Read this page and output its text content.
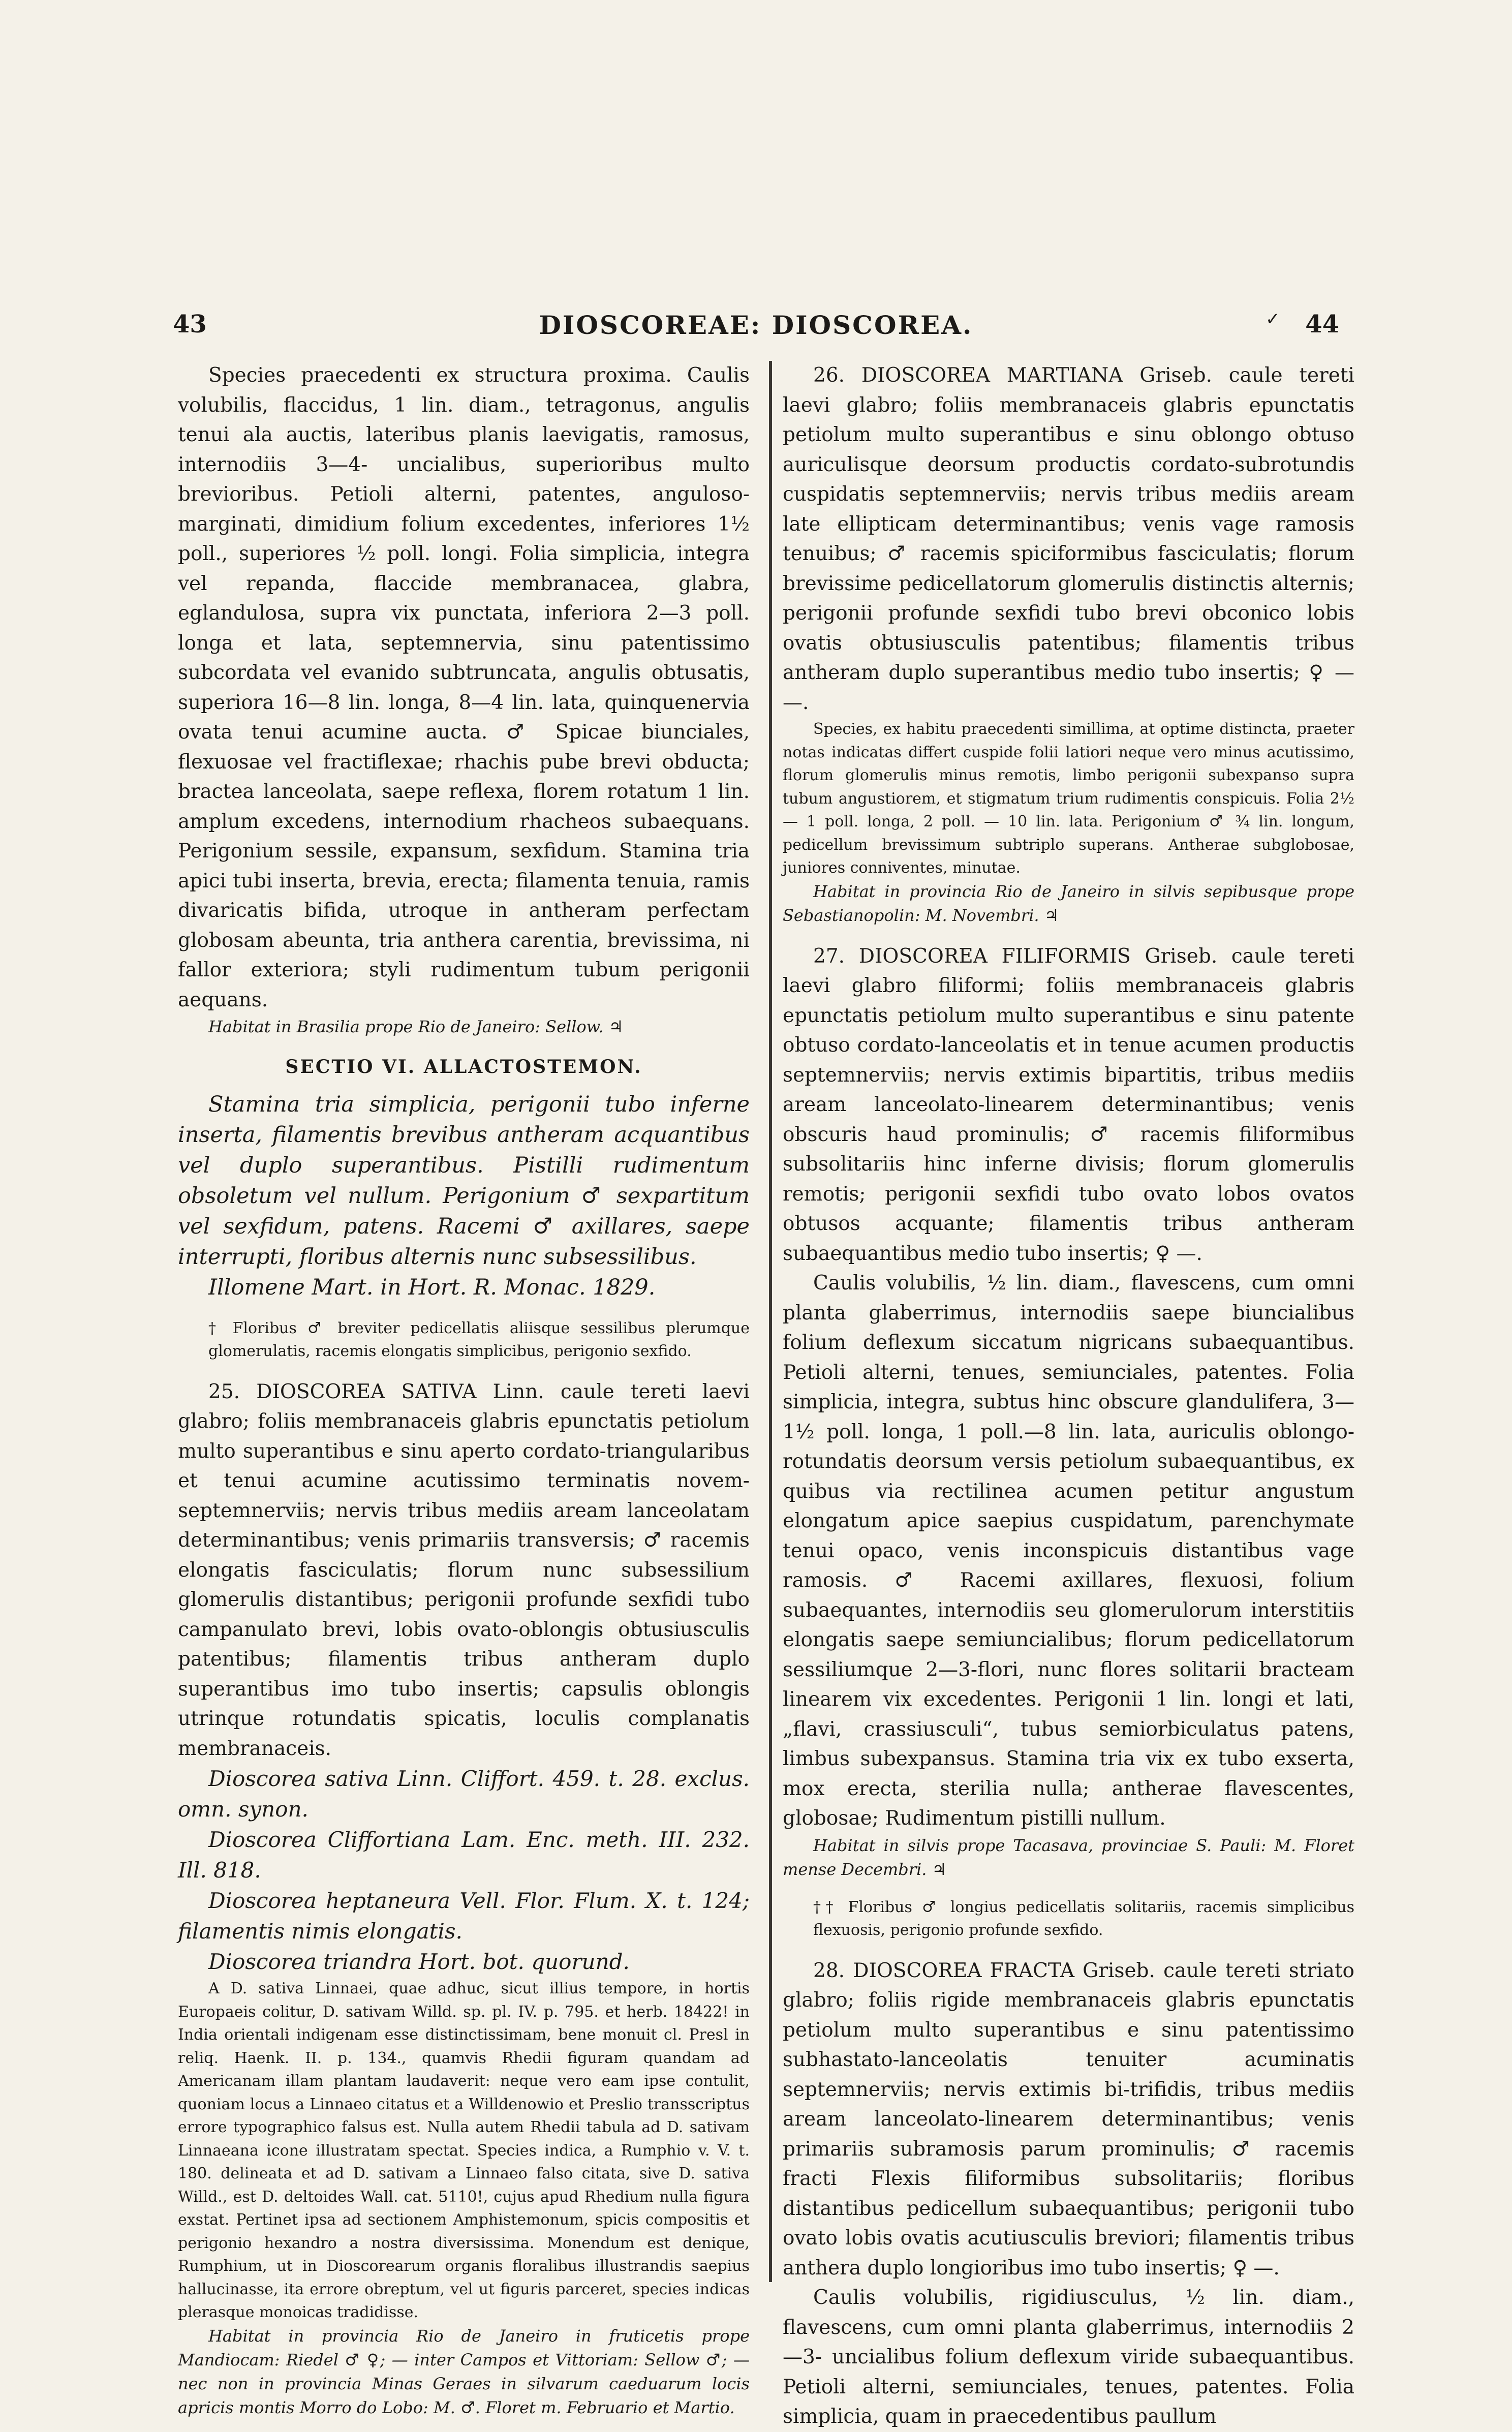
43	DIOSCOREAE: DIOSCOREA.	✓ 44

Species praecedenti ex structura proxima. Caulis volubilis, flaccidus, 1 lin. diam., tetragonus, angulis tenui ala auctis, lateribus planis laevigatis, ramosus, internodiis 3—4- uncialibus, superioribus multo brevioribus. Petioli alterni, patentes, anguloso-marginati, dimidium folium excedentes, inferiores 1½ poll., superiores ½ poll. longi. Folia simplicia, integra vel repanda, flaccide membranacea, glabra, eglandulosa, supra vix punctata, inferiora 2—3 poll. longa et lata, septemnervia, sinu patentissimo subcordata vel evanido subtruncata, angulis obtusatis, superiora 16—8 lin. longa, 8—4 lin. lata, quinquenervia ovata tenui acumine aucta. ♂ Spicae biunciales, flexuosae vel fractiflexae; rhachis pube brevi obducta; bractea lanceolata, saepe reflexa, florem rotatum 1 lin. amplum excedens, internodium rhacheos subaequans. Perigonium sessile, expansum, sexfidum. Stamina tria apici tubi inserta, brevia, erecta; filamenta tenuia, ramis divaricatis bifida, utroque in antheram perfectam globosam abeunta, tria anthera carentia, brevissima, ni fallor exteriora; styli rudimentum tubum perigonii aequans.

Habitat in Brasilia prope Rio de Janeiro: Sellow. ♃

SECTIO VI. ALLACTOSTEMON.

Stamina tria simplicia, perigonii tubo inferne inserta, filamentis brevibus antheram acquantibus vel duplo superantibus. Pistilli rudimentum obsoletum vel nullum. Perigonium ♂ sexpartitum vel sexfidum, patens. Racemi ♂ axillares, saepe interrupti, floribus alternis nunc subsessilibus.

Illomene Mart. in Hort. R. Monac. 1829.

† Floribus ♂ breviter pedicellatis aliisque sessilibus plerumque glomerulatis, racemis elongatis simplicibus, perigonio sexfido.

25. DIOSCOREA SATIVA Linn. caule tereti laevi glabro; foliis membranaceis glabris epunctatis petiolum multo superantibus e sinu aperto cordato-triangularibus et tenui acumine acutissimo terminatis novem-septemnerviis; nervis tribus mediis aream lanceolatam determinantibus; venis primariis transversis; ♂ racemis elongatis fasciculatis; florum nunc subsessilium glomerulis distantibus; perigonii profunde sexfidi tubo campanulato brevi, lobis ovato-oblongis obtusiusculis patentibus; filamentis tribus antheram duplo superantibus imo tubo insertis; capsulis oblongis utrinque rotundatis spicatis, loculis complanatis membranaceis.

Dioscorea sativa Linn. Cliffort. 459. t. 28. exclus. omn. synon.

Dioscorea Cliffortiana Lam. Enc. meth. III. 232. Ill. 818.

Dioscorea heptaneura Vell. Flor. Flum. X. t. 124; filamentis nimis elongatis.

Dioscorea triandra Hort. bot. quorund.

A D. sativa Linnaei, quae adhuc, sicut illius tempore, in hortis Europaeis colitur, D. sativam Willd. sp. pl. IV. p. 795. et herb. 18422! in India orientali indigenam esse distinctissimam, bene monuit cl. Presl in reliq. Haenk. II. p. 134., quamvis Rhedii figuram quandam ad Americanam illam plantam laudaverit: neque vero eam ipse contulit, quoniam locus a Linnaeo citatus et a Willdenowio et Preslio transscriptus errore typographico falsus est. Nulla autem Rhedii tabula ad D. sativam Linnaeana icone illustratam spectat. Species indica, a Rumphio v. V. t. 180. delineata et ad D. sativam a Linnaeo falso citata, sive D. sativa Willd., est D. deltoides Wall. cat. 5110!, cujus apud Rhedium nulla figura exstat. Pertinet ipsa ad sectionem Amphistemonum, spicis compositis et perigonio hexandro a nostra diversissima. Monendum est denique, Rumphium, ut in Dioscorearum organis floralibus illustrandis saepius hallucinasse, ita errore obreptum, vel ut figuris parceret, species indicas plerasque monoicas tradidisse.

Habitat in provincia Rio de Janeiro in fruticetis prope Mandiocam: Riedel ♂ ♀; — inter Campos et Vittoriam: Sellow ♂; — nec non in provincia Minas Geraes in silvarum caeduarum locis apricis montis Morro do Lobo: M. ♂. Floret m. Februario et Martio.

26. DIOSCOREA MARTIANA Griseb. caule tereti laevi glabro; foliis membranaceis glabris epunctatis petiolum multo superantibus e sinu oblongo obtuso auriculisque deorsum productis cordato-subrotundis cuspidatis septemnerviis; nervis tribus mediis aream late ellipticam determinantibus; venis vage ramosis tenuibus; ♂ racemis spiciformibus fasciculatis; florum brevissime pedicellatorum glomerulis distinctis alternis; perigonii profunde sexfidi tubo brevi obconico lobis ovatis obtusiusculis patentibus; filamentis tribus antheram duplo superantibus medio tubo insertis; ♀ — —.

Species, ex habitu praecedenti simillima, at optime distincta, praeter notas indicatas differt cuspide folii latiori neque vero minus acutissimo, florum glomerulis minus remotis, limbo perigonii subexpanso supra tubum angustiorem, et stigmatum trium rudimentis conspicuis. Folia 2½ — 1 poll. longa, 2 poll. — 10 lin. lata. Perigonium ♂ ¾ lin. longum, pedicellum brevissimum subtriplo superans. Antherae subglobosae, juniores conniventes, minutae.

Habitat in provincia Rio de Janeiro in silvis sepibusque prope Sebastianopolin: M. Novembri. ♃

27. DIOSCOREA FILIFORMIS Griseb. caule tereti laevi glabro filiformi; foliis membranaceis glabris epunctatis petiolum multo superantibus e sinu patente obtuso cordato-lanceolatis et in tenue acumen productis septemnerviis; nervis extimis bipartitis, tribus mediis aream lanceolato-linearem determinantibus; venis obscuris haud prominulis; ♂ racemis filiformibus subsolitariis hinc inferne divisis; florum glomerulis remotis; perigonii sexfidi tubo ovato lobos ovatos obtusos acquante; filamentis tribus antheram subaequantibus medio tubo insertis; ♀ —.

Caulis volubilis, ½ lin. diam., flavescens, cum omni planta glaberrimus, internodiis saepe biuncialibus folium deflexum siccatum nigricans subaequantibus. Petioli alterni, tenues, semiunciales, patentes. Folia simplicia, integra, subtus hinc obscure glandulifera, 3—1½ poll. longa, 1 poll.—8 lin. lata, auriculis oblongo-rotundatis deorsum versis petiolum subaequantibus, ex quibus via rectilinea acumen petitur angustum elongatum apice saepius cuspidatum, parenchymate tenui opaco, venis inconspicuis distantibus vage ramosis. ♂ Racemi axillares, flexuosi, folium subaequantes, internodiis seu glomerulorum interstitiis elongatis saepe semiuncialibus; florum pedicellatorum sessiliumque 2—3-flori, nunc flores solitarii bracteam linearem vix excedentes. Perigonii 1 lin. longi et lati, „flavi, crassiusculi“, tubus semiorbiculatus patens, limbus subexpansus. Stamina tria vix ex tubo exserta, mox erecta, sterilia nulla; antherae flavescentes, globosae; Rudimentum pistilli nullum.

Habitat in silvis prope Tacasava, provinciae S. Pauli: M. Floret mense Decembri. ♃

†† Floribus ♂ longius pedicellatis solitariis, racemis simplicibus flexuosis, perigonio profunde sexfido.

28. DIOSCOREA FRACTA Griseb. caule tereti striato glabro; foliis rigide membranaceis glabris epunctatis petiolum multo superantibus e sinu patentissimo subhastato-lanceolatis tenuiter acuminatis septemnerviis; nervis extimis bi-trifidis, tribus mediis aream lanceolato-linearem determinantibus; venis primariis subramosis parum prominulis; ♂ racemis fracti Flexis filiformibus subsolitariis; floribus distantibus pedicellum subaequantibus; perigonii tubo ovato lobis ovatis acutiusculis breviori; filamentis tribus anthera duplo longioribus imo tubo insertis; ♀ —.

Caulis volubilis, rigidiusculus, ½ lin. diam., flavescens, cum omni planta glaberrimus, internodiis 2—3- uncialibus folium deflexum viride subaequantibus. Petioli alterni, semiunciales, tenues, patentes. Folia simplicia, quam in praecedentibus paullum
